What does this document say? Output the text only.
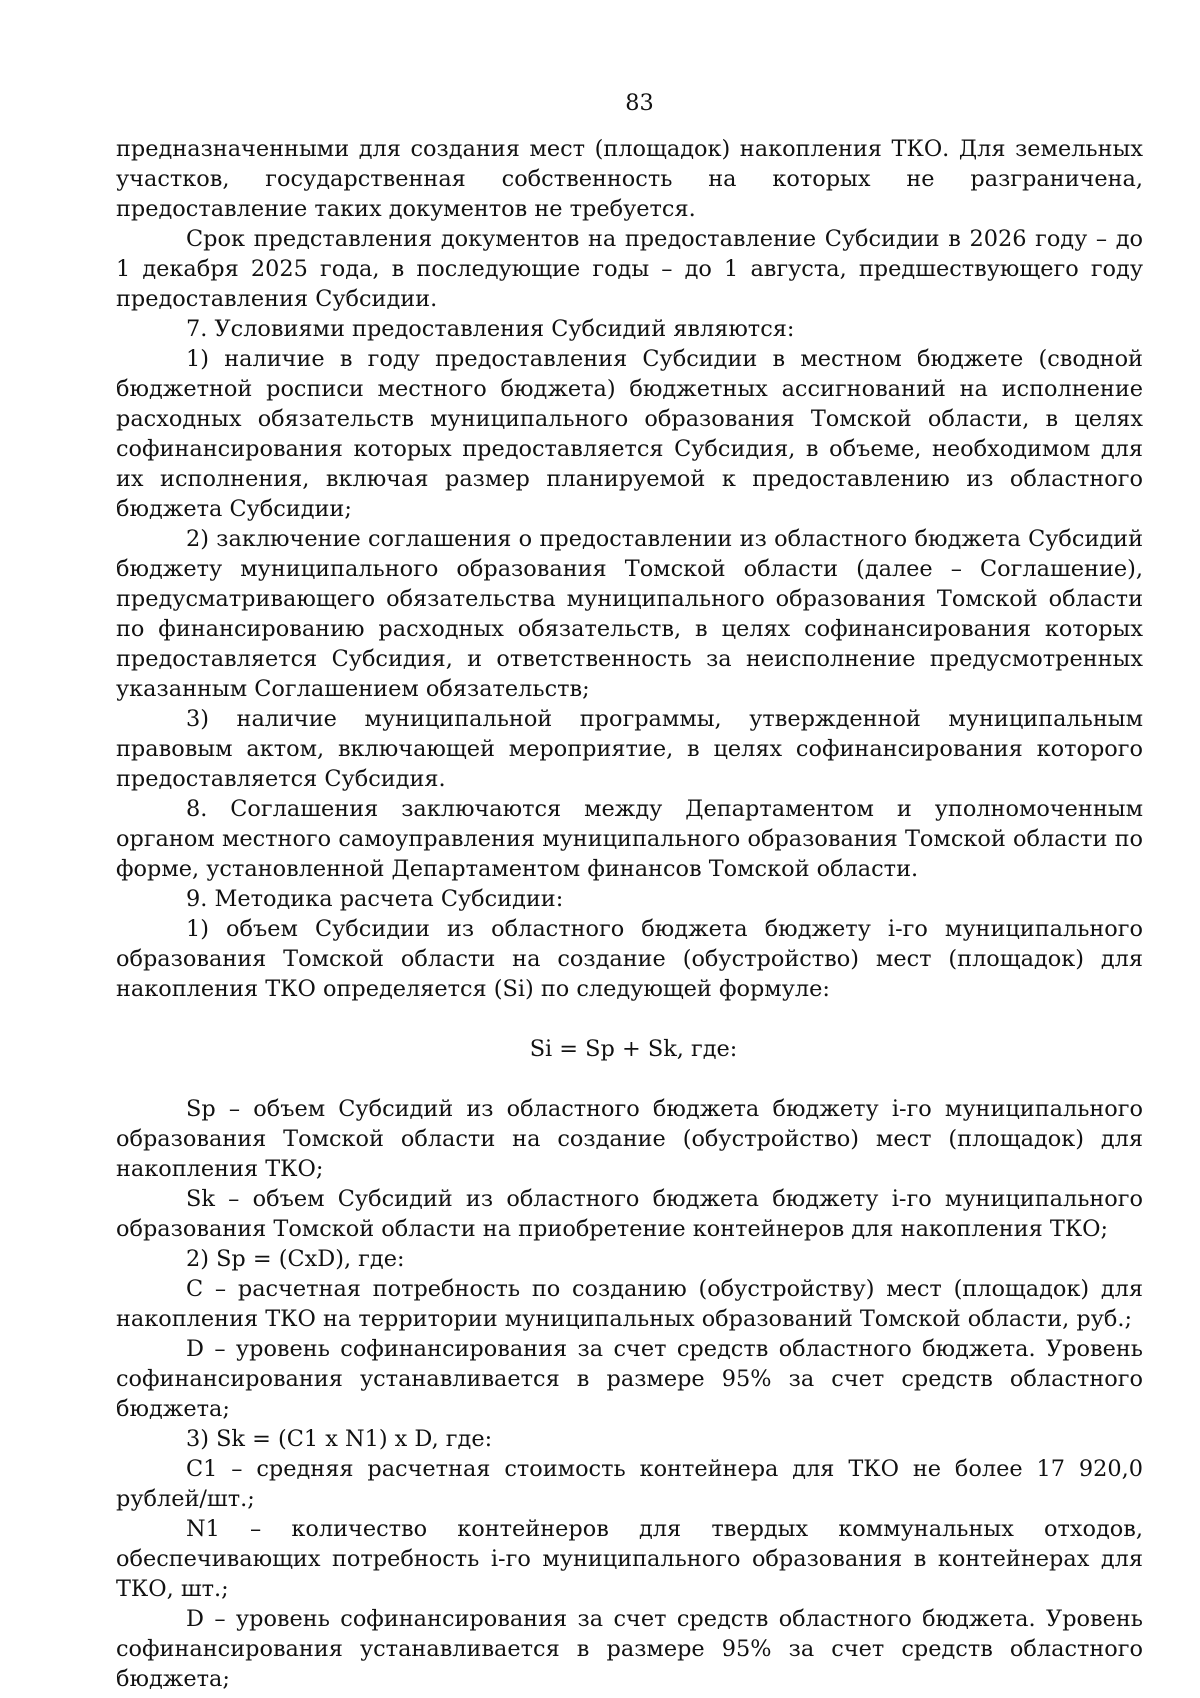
83

предназначенными для создания мест (площадок) накопления ТКО. Для земельных участков, государственная собственность на которых не разграничена, предоставление таких документов не требуется.

Срок представления документов на предоставление Субсидии в 2026 году – до 1 декабря 2025 года, в последующие годы – до 1 августа, предшествующего году предоставления Субсидии.

7. Условиями предоставления Субсидий являются:

1) наличие в году предоставления Субсидии в местном бюджете (сводной бюджетной росписи местного бюджета) бюджетных ассигнований на исполнение расходных обязательств муниципального образования Томской области, в целях софинансирования которых предоставляется Субсидия, в объеме, необходимом для их исполнения, включая размер планируемой к предоставлению из областного бюджета Субсидии;

2) заключение соглашения о предоставлении из областного бюджета Субсидий бюджету муниципального образования Томской области (далее – Соглашение), предусматривающего обязательства муниципального образования Томской области по финансированию расходных обязательств, в целях софинансирования которых предоставляется Субсидия, и ответственность за неисполнение предусмотренных указанным Соглашением обязательств;

3) наличие муниципальной программы, утвержденной муниципальным правовым актом, включающей мероприятие, в целях софинансирования которого предоставляется Субсидия.

8. Соглашения заключаются между Департаментом и уполномоченным органом местного самоуправления муниципального образования Томской области по форме, установленной Департаментом финансов Томской области.

9. Методика расчета Субсидии:

1) объем Субсидии из областного бюджета бюджету i-го муниципального образования Томской области на создание (обустройство) мест (площадок) для накопления ТКО определяется (Si) по следующей формуле:

Si = Sp + Sk, где:

Sp – объем Субсидий из областного бюджета бюджету i-го муниципального образования Томской области на создание (обустройство) мест (площадок) для накопления ТКО;

Sk – объем Субсидий из областного бюджета бюджету i-го муниципального образования Томской области на приобретение контейнеров для накопления ТКО;

2) Sp = (CxD), где:

C – расчетная потребность по созданию (обустройству) мест (площадок) для накопления ТКО на территории муниципальных образований Томской области, руб.;

D – уровень софинансирования за счет средств областного бюджета. Уровень софинансирования устанавливается в размере 95% за счет средств областного бюджета;

3) Sk = (C1 x N1) x D, где:

C1 – средняя расчетная стоимость контейнера для ТКО не более 17 920,0 рублей/шт.;

N1 – количество контейнеров для твердых коммунальных отходов, обеспечивающих потребность i-го муниципального образования в контейнерах для ТКО, шт.;

D – уровень софинансирования за счет средств областного бюджета. Уровень софинансирования устанавливается в размере 95% за счет средств областного бюджета;
